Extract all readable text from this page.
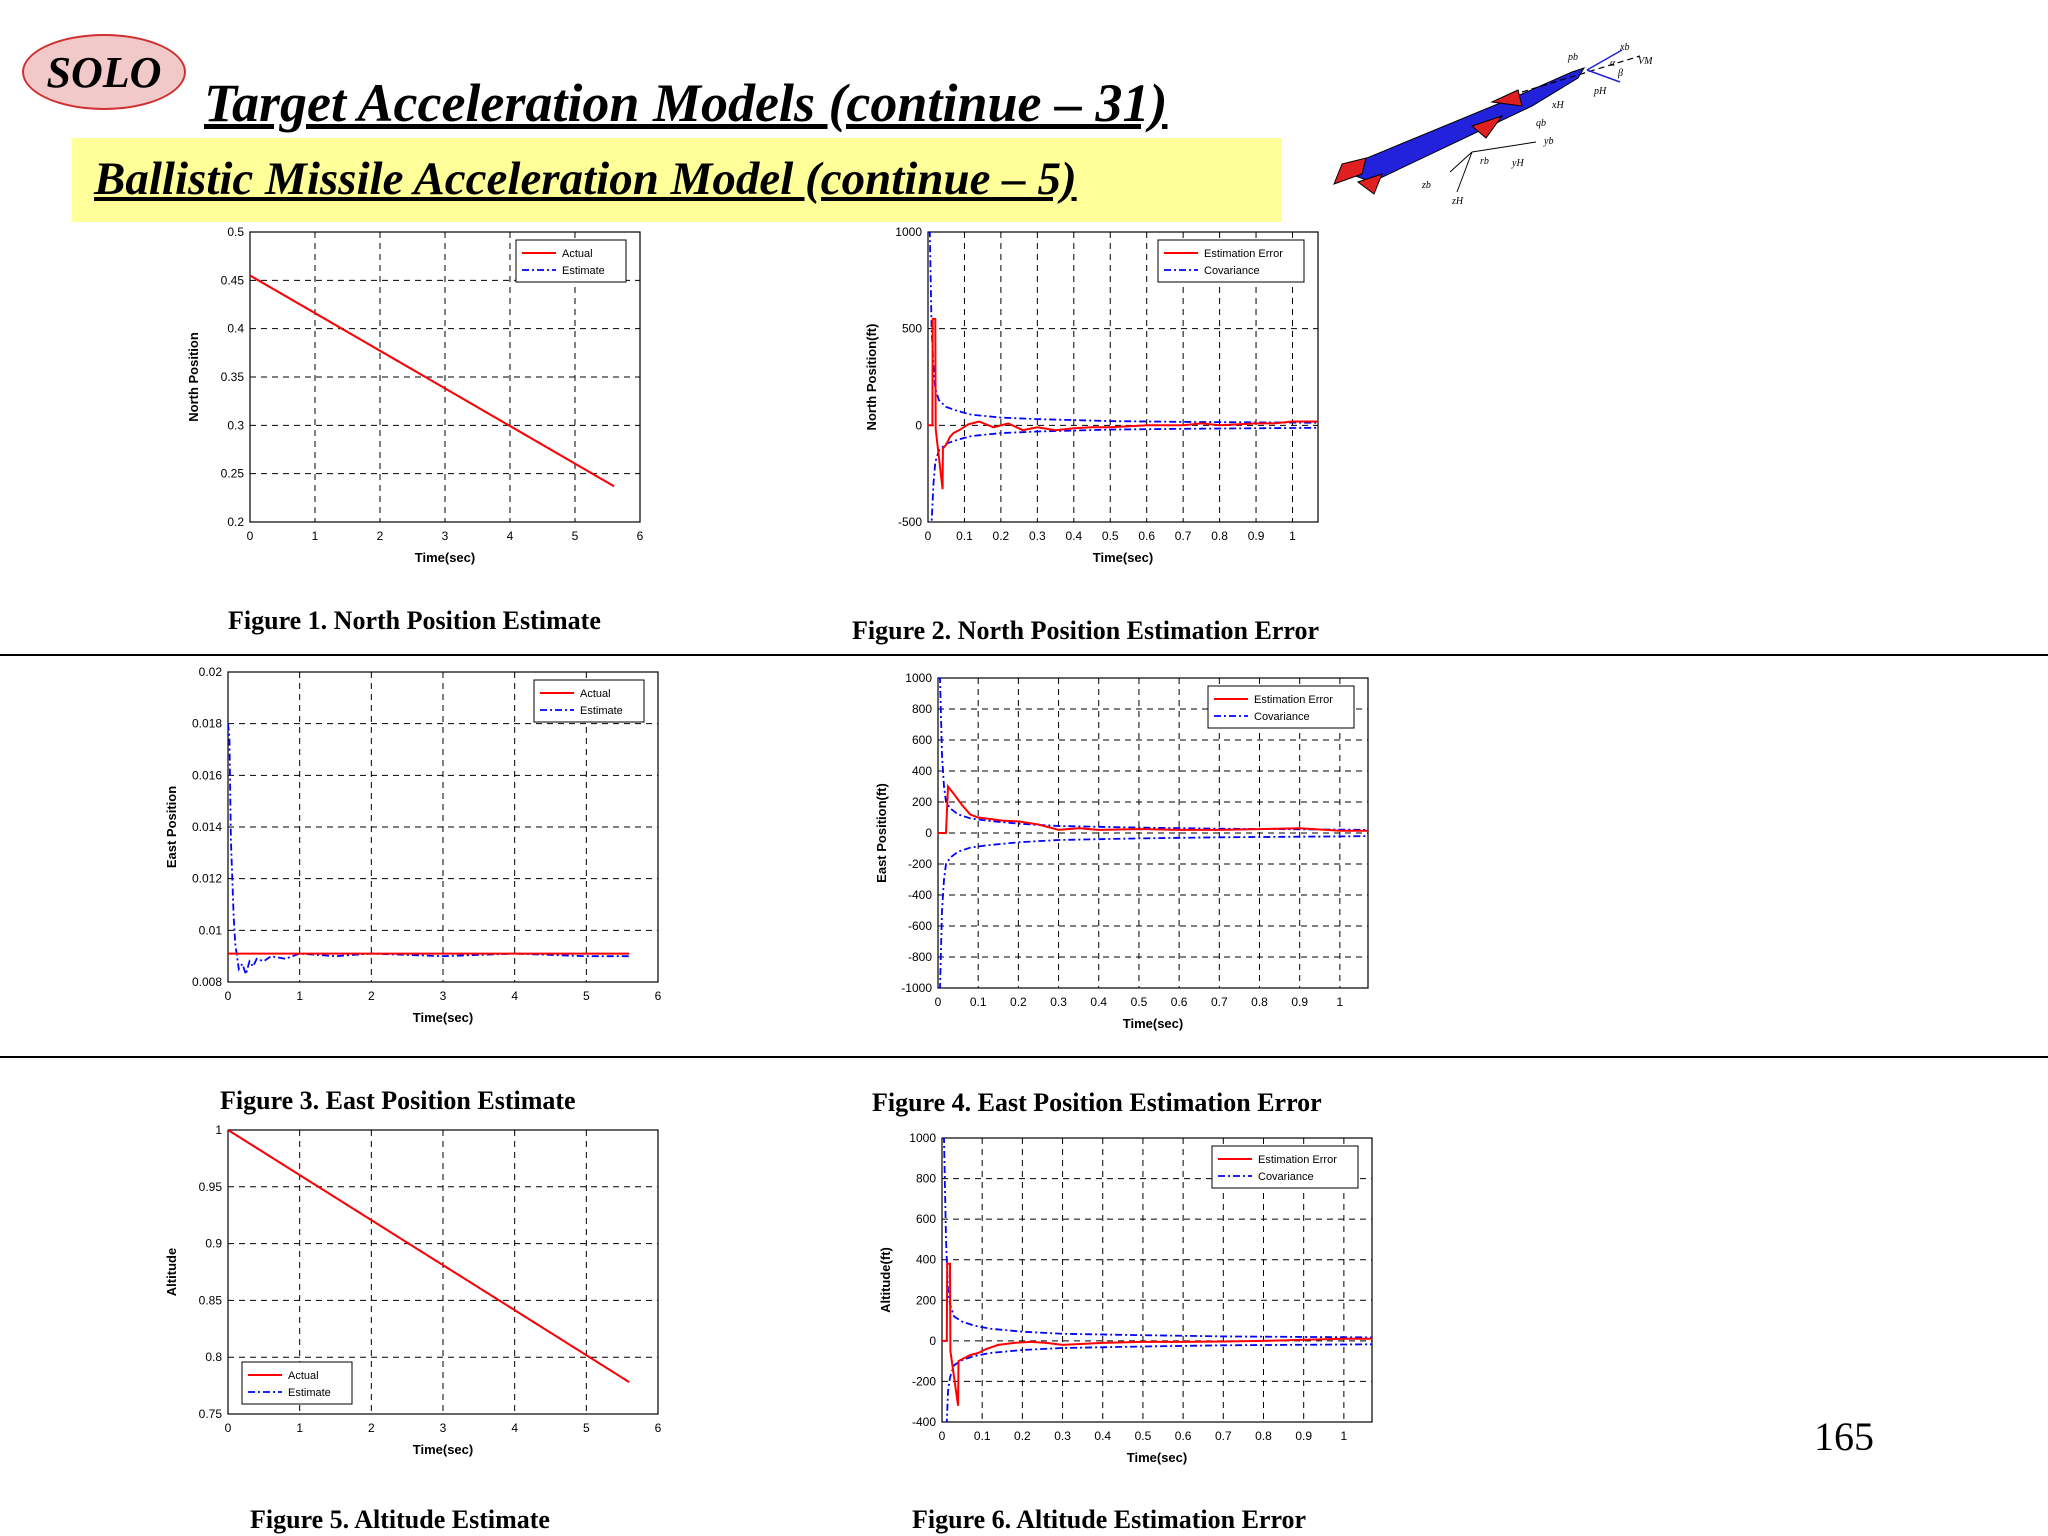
SOLO
Target Acceleration Models (continue – 31)
Ballistic Missile Acceleration Model (continue – 5)
pb
xb
VM
α
β
pH
xH
qb
yb
yH
rb
zb
zH
0	1	2	3	4	5	6
0.2
0.25
0.3
0.35
0.4
0.45
0.5
Time(sec)
North Position
Actual
Estimate
0 0.1 0.2 0.3 0.4 0.5 0.6 0.7 0.8 0.9 1
-500
0
500
1000
Time(sec)
North Position(ft)
Estimation Error
Covariance
0	1	2	3	4	5	6
0.008
0.01
0.012
0.014
0.016
0.018
0.02
Time(sec)
East Position
Actual
Estimate
0 0.1 0.2 0.3 0.4 0.5 0.6 0.7 0.8 0.9 1
-1000
-800
-600
-400
-200
0
200
400
600
800
1000
Time(sec)
East Position(ft)
Estimation Error
Covariance
0	1	2	3	4	5	6
0.75
0.8
0.85
0.9
0.95
1
Time(sec)
Altitude
Actual
Estimate
0 0.1 0.2 0.3 0.4 0.5 0.6 0.7 0.8 0.9 1
-400
-200
0
200
400
600
800
1000
Time(sec)
Altitude(ft)
Estimation Error
Covariance
Figure 1. North Position Estimate	Figure 2. North Position Estimation Error
Figure 3. East Position Estimate	Figure 4. East Position Estimation Error
Figure 5. Altitude Estimate	Figure 6. Altitude Estimation Error
165
